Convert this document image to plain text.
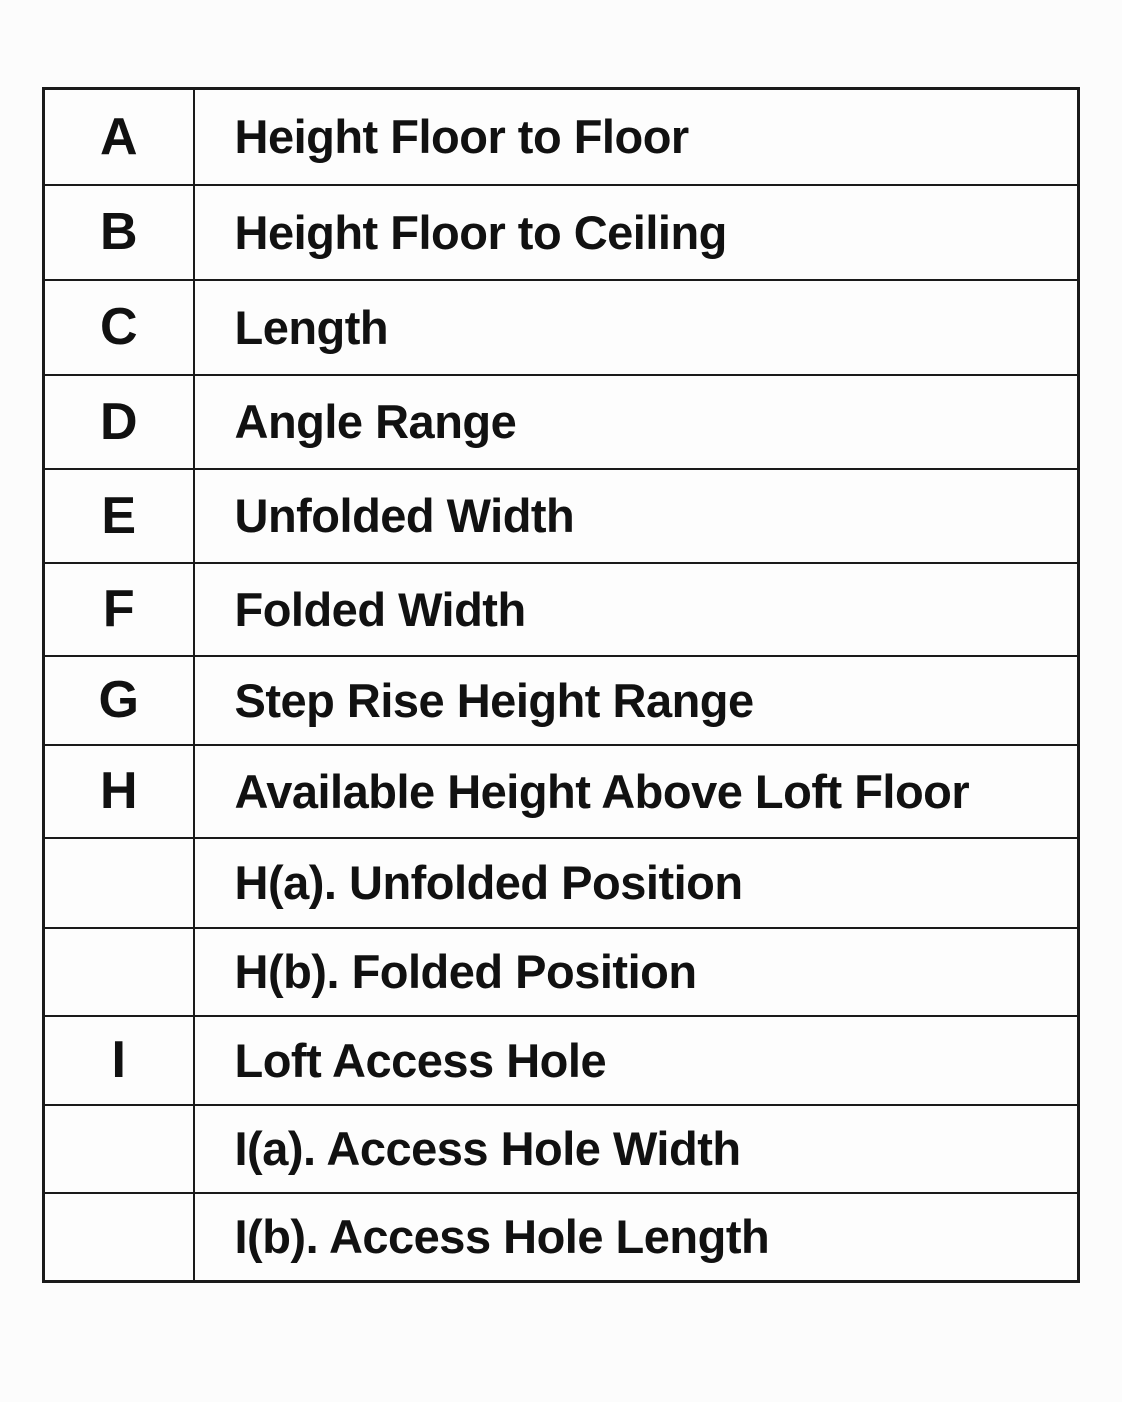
A	Height Floor to Floor
B	Height Floor to Ceiling
C	Length
D	Angle Range
E	Unfolded Width
F	Folded Width
G	Step Rise Height Range
H	Available Height Above Loft Floor
	H(a). Unfolded Position
	H(b). Folded Position
I	Loft Access Hole
	I(a). Access Hole Width
	I(b). Access Hole Length
